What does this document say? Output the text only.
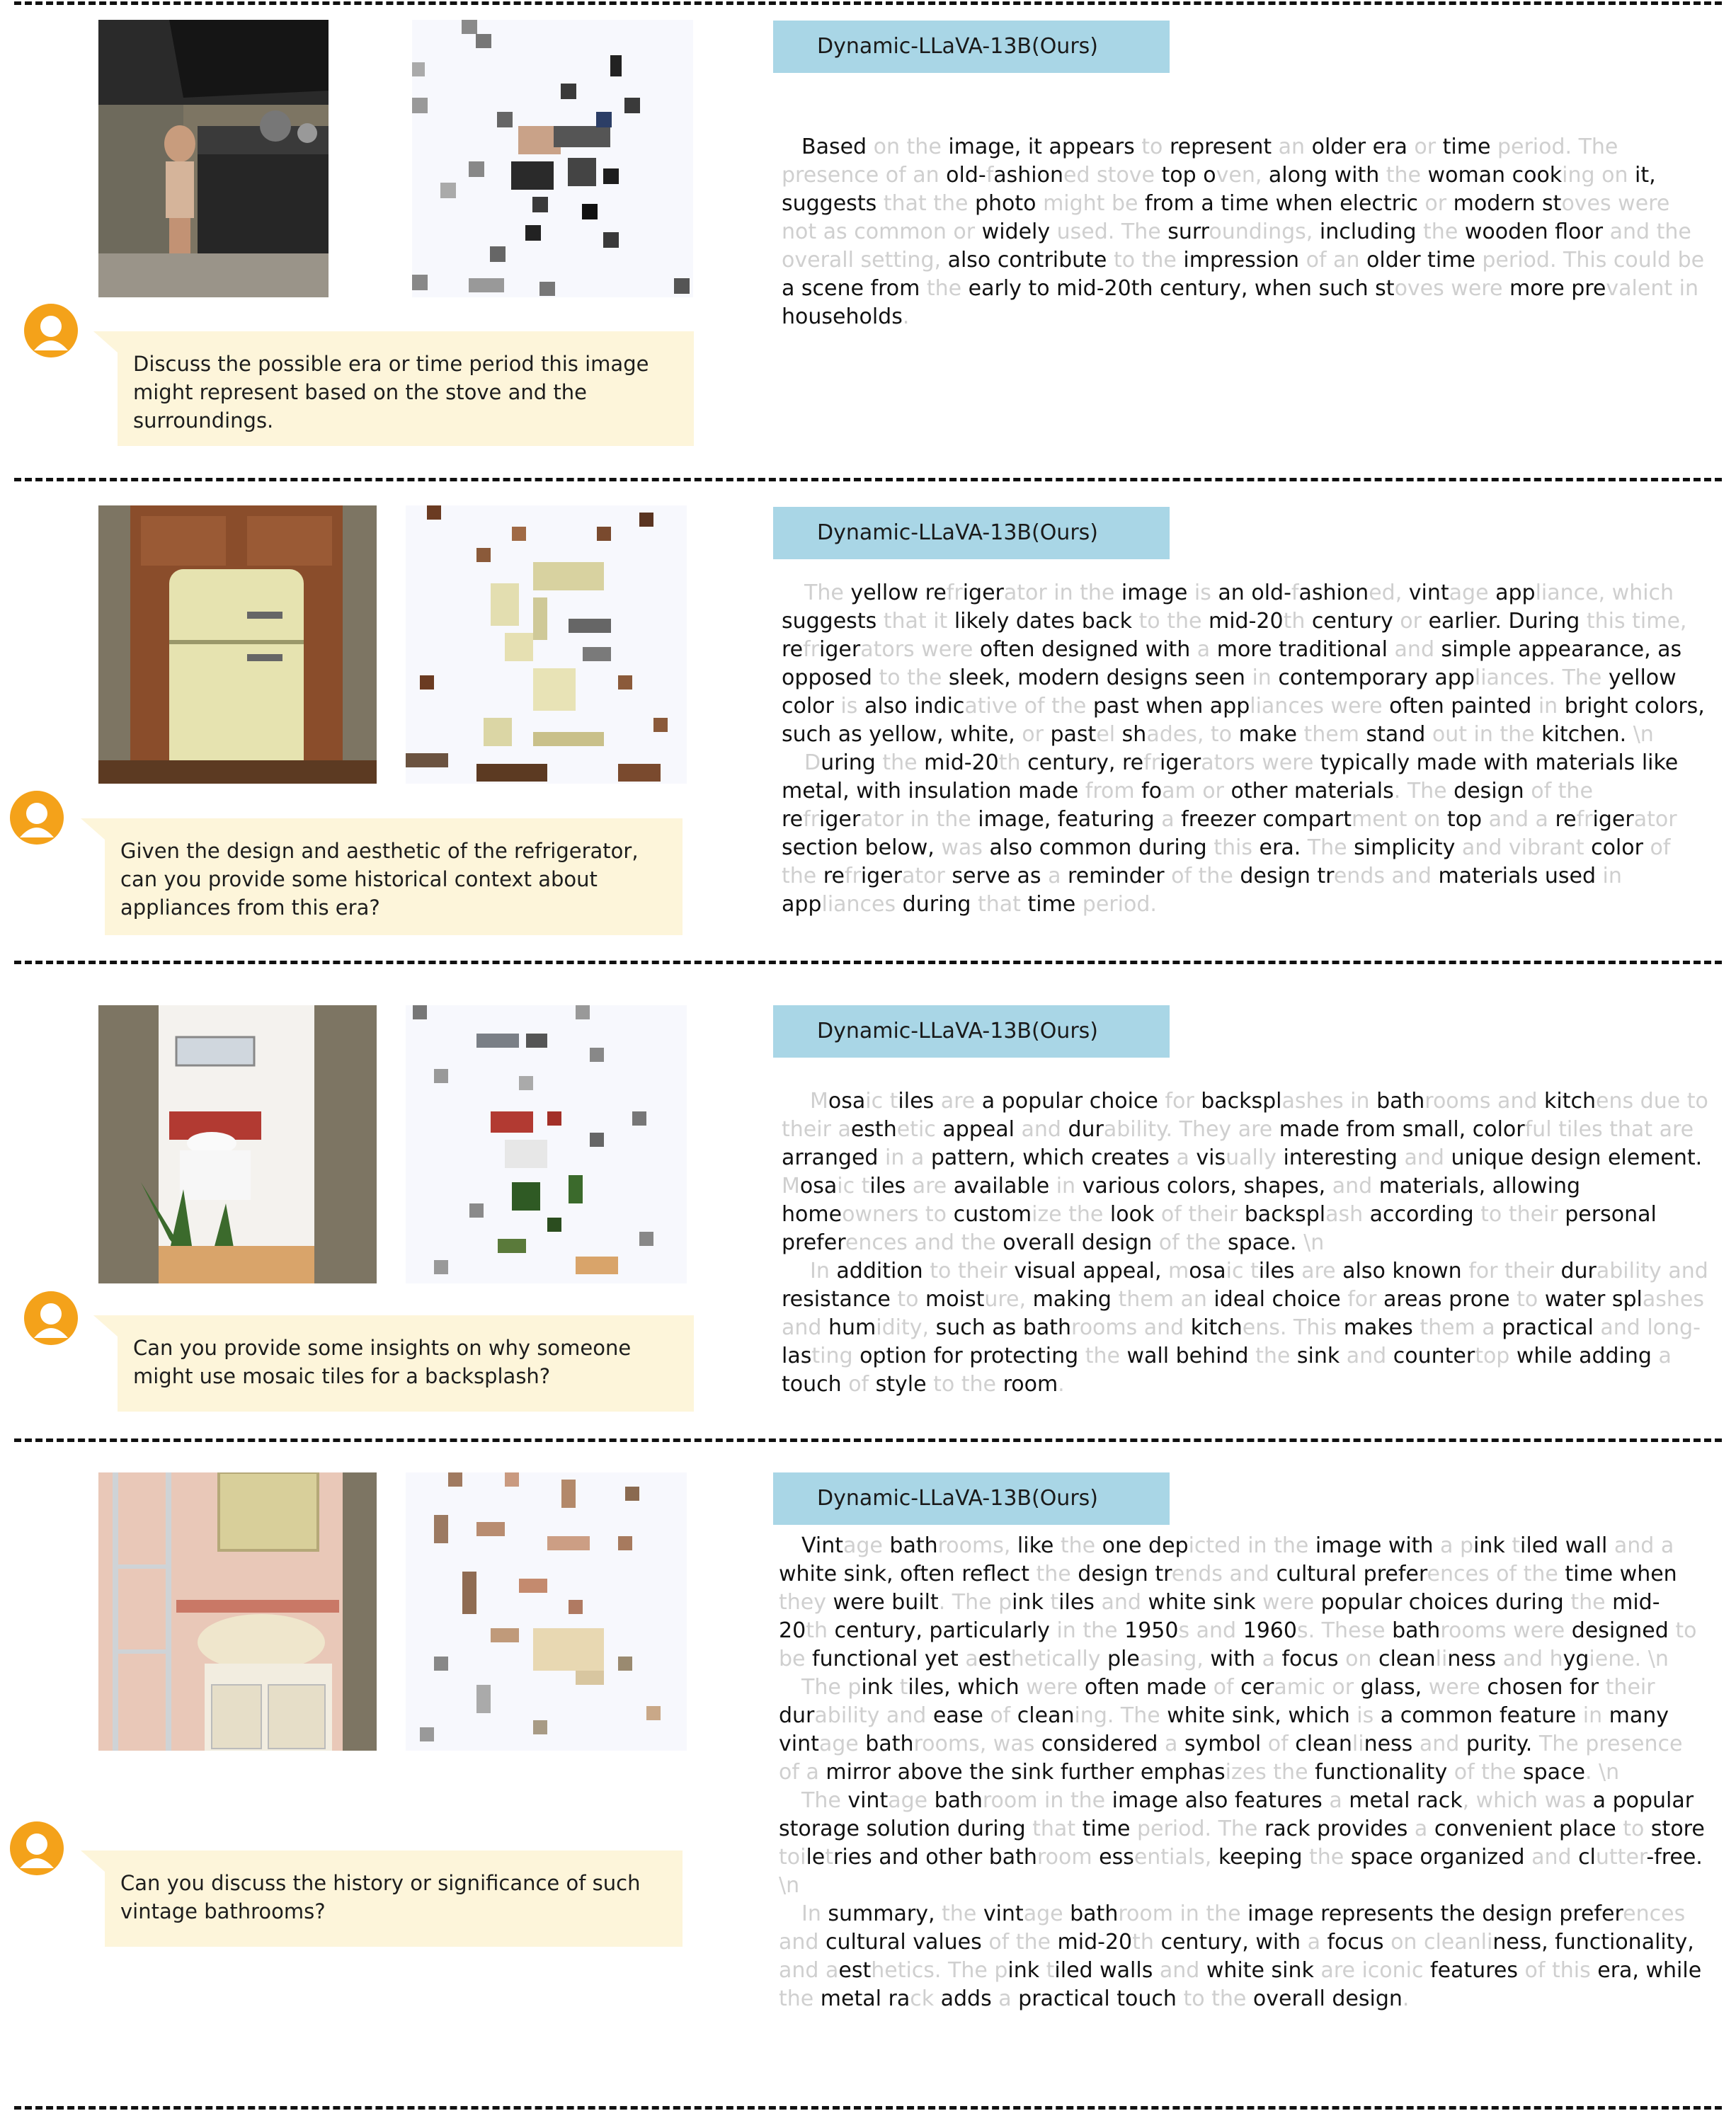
Discuss the possible era or time period this image might represent based on the stove and the surroundings.
Dynamic-LLaVA-13B(Ours)
Based on the image, it appears to represent an older era or time period. The presence of an old-fashioned stove top oven, along with the woman cooking on it, suggests that the photo might be from a time when electric or modern stoves were not as common or widely used. The surroundings, including the wooden floor and the overall setting, also contribute to the impression of an older time period. This could be a scene from the early to mid-20th century, when such stoves were more prevalent in households.
Given the design and aesthetic of the refrigerator, can you provide some historical context about appliances from this era?
Dynamic-LLaVA-13B(Ours)
The yellow refrigerator in the image is an old-fashioned, vintage appliance, which suggests that it likely dates back to the mid-20th century or earlier. During this time, refrigerators were often designed with a more traditional and simple appearance, as opposed to the sleek, modern designs seen in contemporary appliances. The yellow color is also indicative of the past when appliances were often painted in bright colors, such as yellow, white, or pastel shades, to make them stand out in the kitchen. \n
During the mid-20th century, refrigerators were typically made with materials like metal, with insulation made from foam or other materials. The design of the refrigerator in the image, featuring a freezer compartment on top and a refrigerator section below, was also common during this era. The simplicity and vibrant color of the refrigerator serve as a reminder of the design trends and materials used in appliances during that time period.
Can you provide some insights on why someone might use mosaic tiles for a backsplash?
Dynamic-LLaVA-13B(Ours)
Mosaic tiles are a popular choice for backsplashes in bathrooms and kitchens due to their aesthetic appeal and durability. They are made from small, colorful tiles that are arranged in a pattern, which creates a visually interesting and unique design element. Mosaic tiles are available in various colors, shapes, and materials, allowing homeowners to customize the look of their backsplash according to their personal preferences and the overall design of the space. \n
In addition to their visual appeal, mosaic tiles are also known for their durability and resistance to moisture, making them an ideal choice for areas prone to water splashes and humidity, such as bathrooms and kitchens. This makes them a practical and long-lasting option for protecting the wall behind the sink and countertop while adding a touch of style to the room.
Can you discuss the history or significance of such vintage bathrooms?
Dynamic-LLaVA-13B(Ours)
Vintage bathrooms, like the one depicted in the image with a pink tiled wall and a white sink, often reflect the design trends and cultural preferences of the time when they were built. The pink tiles and white sink were popular choices during the mid-20th century, particularly in the 1950s and 1960s. These bathrooms were designed to be functional yet aesthetically pleasing, with a focus on cleanliness and hygiene. \n
The pink tiles, which were often made of ceramic or glass, were chosen for their durability and ease of cleaning. The white sink, which is a common feature in many vintage bathrooms, was considered a symbol of cleanliness and purity. The presence of a mirror above the sink further emphasizes the functionality of the space. \n
The vintage bathroom in the image also features a metal rack, which was a popular storage solution during that time period. The rack provides a convenient place to store toiletries and other bathroom essentials, keeping the space organized and clutter-free. \n
In summary, the vintage bathroom in the image represents the design preferences and cultural values of the mid-20th century, with a focus on cleanliness, functionality, and aesthetics. The pink tiled walls and white sink are iconic features of this era, while the metal rack adds a practical touch to the overall design.
